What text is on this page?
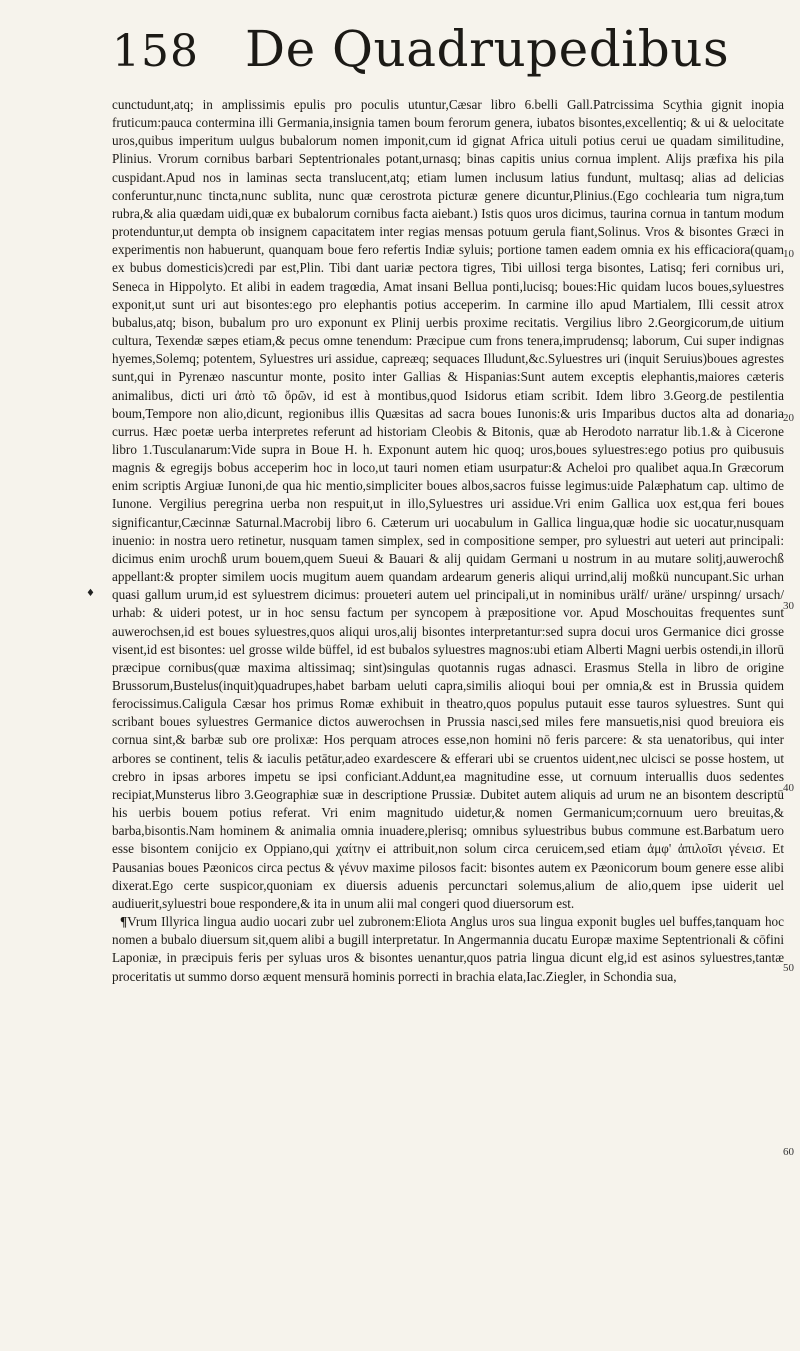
158 De Quadrupedibus

cunctudunt,atq; in amplissimis epulis pro poculis utuntur,Cæsar libro 6.belli Gall.Patrcissima Scythia gignit inopia fruticum:pauca contermina illi Germania,insignia tamen boum ferorum genera, iubatos bisontes,excellentiq; & ui & uelocitate uros,quibus imperitum uulgus bubalorum nomen imponit,cum id gignat Africa uituli potius cerui ue quadam similitudine, Plinius. Vrorum cornibus barbari Septentrionales potant,urnasq; binas capitis unius cornua implent. Alijs præfixa his pila cuspidant.Apud nos in laminas secta translucent,atq; etiam lumen inclusum latius fundunt, multasq; alias ad delicias conferuntur,nunc tincta,nunc sublita, nunc quæ cerostrota picturæ genere dicuntur,Plinius.(Ego cochlearia tum nigra,tum rubra,& alia quædam uidi,quæ ex bubalorum cornibus facta aiebant.) Istis quos uros dicimus, taurina cornua in tantum modum protenduntur,ut dempta ob insignem capacitatem inter regias mensas potuum gerula fiant,Solinus. Vros & bisontes Græci in experimentis non habuerunt, quanquam boue fero refertis Indiæ syluis; portione tamen eadem omnia ex his efficaciora(quam ex bubus domesticis)credi par est,Plin. Tibi dant uariæ pectora tigres, Tibi uillosi terga bisontes, Latisq; feri cornibus uri, Seneca in Hippolyto. Et alibi in eadem tragœdia, Amat insani Bellua ponti,lucisq; boues:Hic quidam lucos boues,syluestres exponit,ut sunt uri aut bisontes:ego pro elephantis potius acceperim. In carmine illo apud Martialem, Illi cessit atrox bubalus,atq; bison, bubalum pro uro exponunt ex Plinij uerbis proxime recitatis. Vergilius libro 2.Georgicorum,de uitium cultura, Texendæ sæpes etiam,& pecus omne tenendum: Præcipue cum frons tenera,imprudensq; laborum, Cui super indignas hyemes,Solemq; potentem, Syluestres uri assidue, capreæq; sequaces Illudunt,&c.Syluestres uri (inquit Seruius)boues agrestes sunt,qui in Pyrenæo nascuntur monte, posito inter Gallias & Hispanias:Sunt autem exceptis elephantis,maiores cæteris animalibus, dicti uri ἀπὸ τῶ ὄρῶν, id est à montibus,quod Isidorus etiam scribit. Idem libro 3.Georg.de pestilentia boum,Tempore non alio,dicunt, regionibus illis Quæsitas ad sacra boues Iunonis:& uris Imparibus ductos alta ad donaria currus. Hæc poetæ uerba interpretes referunt ad historiam Cleobis & Bitonis, quæ ab Herodoto narratur lib.1.& à Cicerone libro 1.Tusculanarum:Vide supra in Boue H. h. Exponunt autem hic quoq; uros,boues syluestres:ego potius pro quibusuis magnis & egregijs bobus acceperim hoc in loco,ut tauri nomen etiam usurpatur:& Acheloi pro qualibet aqua.In Græcorum enim scriptis Argiuæ Iunoni,de qua hic mentio,simpliciter boues albos,sacros fuisse legimus:uide Palæphatum cap. ultimo de Iunone. Vergilius peregrina uerba non respuit,ut in illo,Syluestres uri assidue.Vri enim Gallica uox est,qua feri boues significantur,Cæcinnæ Saturnal.Macrobij libro 6. Cæterum uri uocabulum in Gallica lingua,quæ hodie sic uocatur,nusquam inuenio: in nostra uero retinetur, nusquam tamen simplex, sed in compositione semper, pro syluestri aut ueteri aut principali: dicimus enim urochß urum bouem,quem Sueui & Bauari & alij quidam Germani u nostrum in au mutare solitj,auwerochß appellant:& propter similem uocis mugitum auem quandam ardearum generis aliqui urrind,alij moßkü nuncupant.Sic urhan quasi gallum urum,id est syluestrem dicimus: proueteri autem uel principali,ut in nominibus urälf/ uräne/ urspinng/ ursach/ urhab: & uideri potest, ur in hoc sensu factum per syncopem à præpositione vor. Apud Moschouitas frequentes sunt auwerochsen,id est boues syluestres,quos aliqui uros,alij bisontes interpretantur:sed supra docui uros Germanice dici grosse visent,id est bisontes: uel grosse wilde büffel, id est bubalos syluestres magnos:ubi etiam Alberti Magni uerbis ostendi,in illorū præcipue cornibus(quæ maxima altissimaq; sint)singulas quotannis rugas adnasci. Erasmus Stella in libro de origine Brussorum,Bustelus(inquit)quadrupes,habet barbam ueluti capra,similis alioqui boui per omnia,& est in Brussia quidem ferocissimus.Caligula Cæsar hos primus Romæ exhibuit in theatro,quos populus putauit esse tauros syluestres. Sunt qui scribant boues syluestres Germanice dictos auwerochsen in Prussia nasci,sed miles fere mansuetis,nisi quod breuiora eis cornua sint,& barbæ sub ore prolixæ: Hos perquam atroces esse,non homini nō feris parcere: & sta uenatoribus, qui inter arbores se continent, telis & iaculis petātur,adeo exardescere & efferari ubi se cruentos uident,nec ulcisci se posse hostem, ut crebro in ipsas arbores impetu se ipsi conficiant.Addunt,ea magnitudine esse, ut cornuum interuallis duos sedentes recipiat,Munsterus libro 3.Geographiæ suæ in descriptione Prussiæ. Dubitet autem aliquis ad urum ne an bisontem descriptū his uerbis bouem potius referat. Vri enim magnitudo uidetur,& nomen Germanicum;cornuum uero breuitas,& barba,bisontis.Nam hominem & animalia omnia inuadere,plerisq; omnibus syluestribus bubus commune est.Barbatum uero esse bisontem conijcio ex Oppiano,qui χαίτην ei attribuit,non solum circa ceruicem,sed etiam ἀμφ' ἀπιλοῖσι γένεισ. Et Pausanias boues Pæonicos circa pectus & γένυν maxime pilosos facit: bisontes autem ex Pæonicorum boum genere esse alibi dixerat.Ego certe suspicor,quoniam ex diuersis aduenis percunctari solemus,alium de alio,quem ipse uiderit uel audiuerit,syluestri boue respondere,& ita in unum alii mal congeri quod diuersorum est.

¶Vrum Illyrica lingua audio uocari zubr uel zubronem:Eliota Anglus uros sua lingua exponit bugles uel buffes,tanquam hoc nomen a bubalo diuersum sit,quem alibi a bugill interpretatur. In Angermannia ducatu Europæ maxime Septentrionali & cōfini Laponiæ, in præcipuis feris per syluas uros & bisontes uenantur,quos patria lingua dicunt elg,id est asinos syluestres,tantæ proceritatis ut summo dorso æquent mensurā hominis porrecti in brachia elata,Iac.Ziegler, in Schondia sua,

10
20
30
40
50
60
♦
